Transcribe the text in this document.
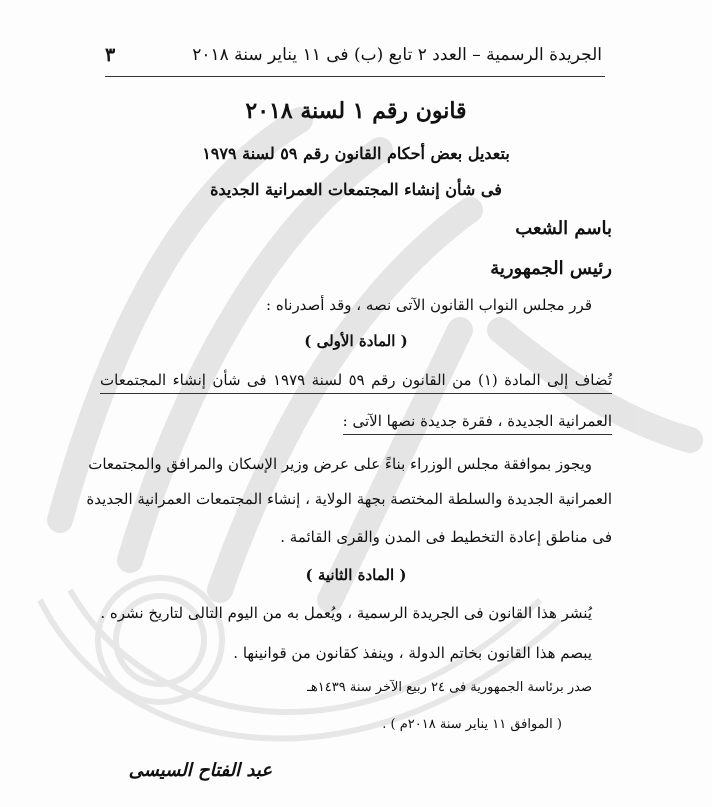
الجريدة الرسمية – العدد ٢ تابع (ب) فى ١١ يناير سنة ٢٠١٨
٣
قانون رقم ١ لسنة ٢٠١٨
بتعديل بعض أحكام القانون رقم ٥٩ لسنة ١٩٧٩
فى شأن إنشاء المجتمعات العمرانية الجديدة
باسم الشعب
رئيس الجمهورية
قرر مجلس النواب القانون الآتى نصه ، وقد أصدرناه :
( المادة الأولى )
تُضاف إلى المادة (١) من القانون رقم ٥٩ لسنة ١٩٧٩ فى شأن إنشاء المجتمعات
العمرانية الجديدة ، فقرة جديدة نصها الآتى :
ويجوز بموافقة مجلس الوزراء بناءً على عرض وزير الإسكان والمرافق والمجتمعات
العمرانية الجديدة والسلطة المختصة بجهة الولاية ، إنشاء المجتمعات العمرانية الجديدة
فى مناطق إعادة التخطيط فى المدن والقرى القائمة .
( المادة الثانية )
يُنشر هذا القانون فى الجريدة الرسمية ، ويُعمل به من اليوم التالى لتاريخ نشره .
يبصم هذا القانون بخاتم الدولة ، وينفذ كقانون من قوانينها .
صدر برئاسة الجمهورية فى ٢٤ ربيع الآخر سنة ١٤٣٩هـ
( الموافق ١١ يناير سنة ٢٠١٨م ) .
عبد الفتاح السيسى
